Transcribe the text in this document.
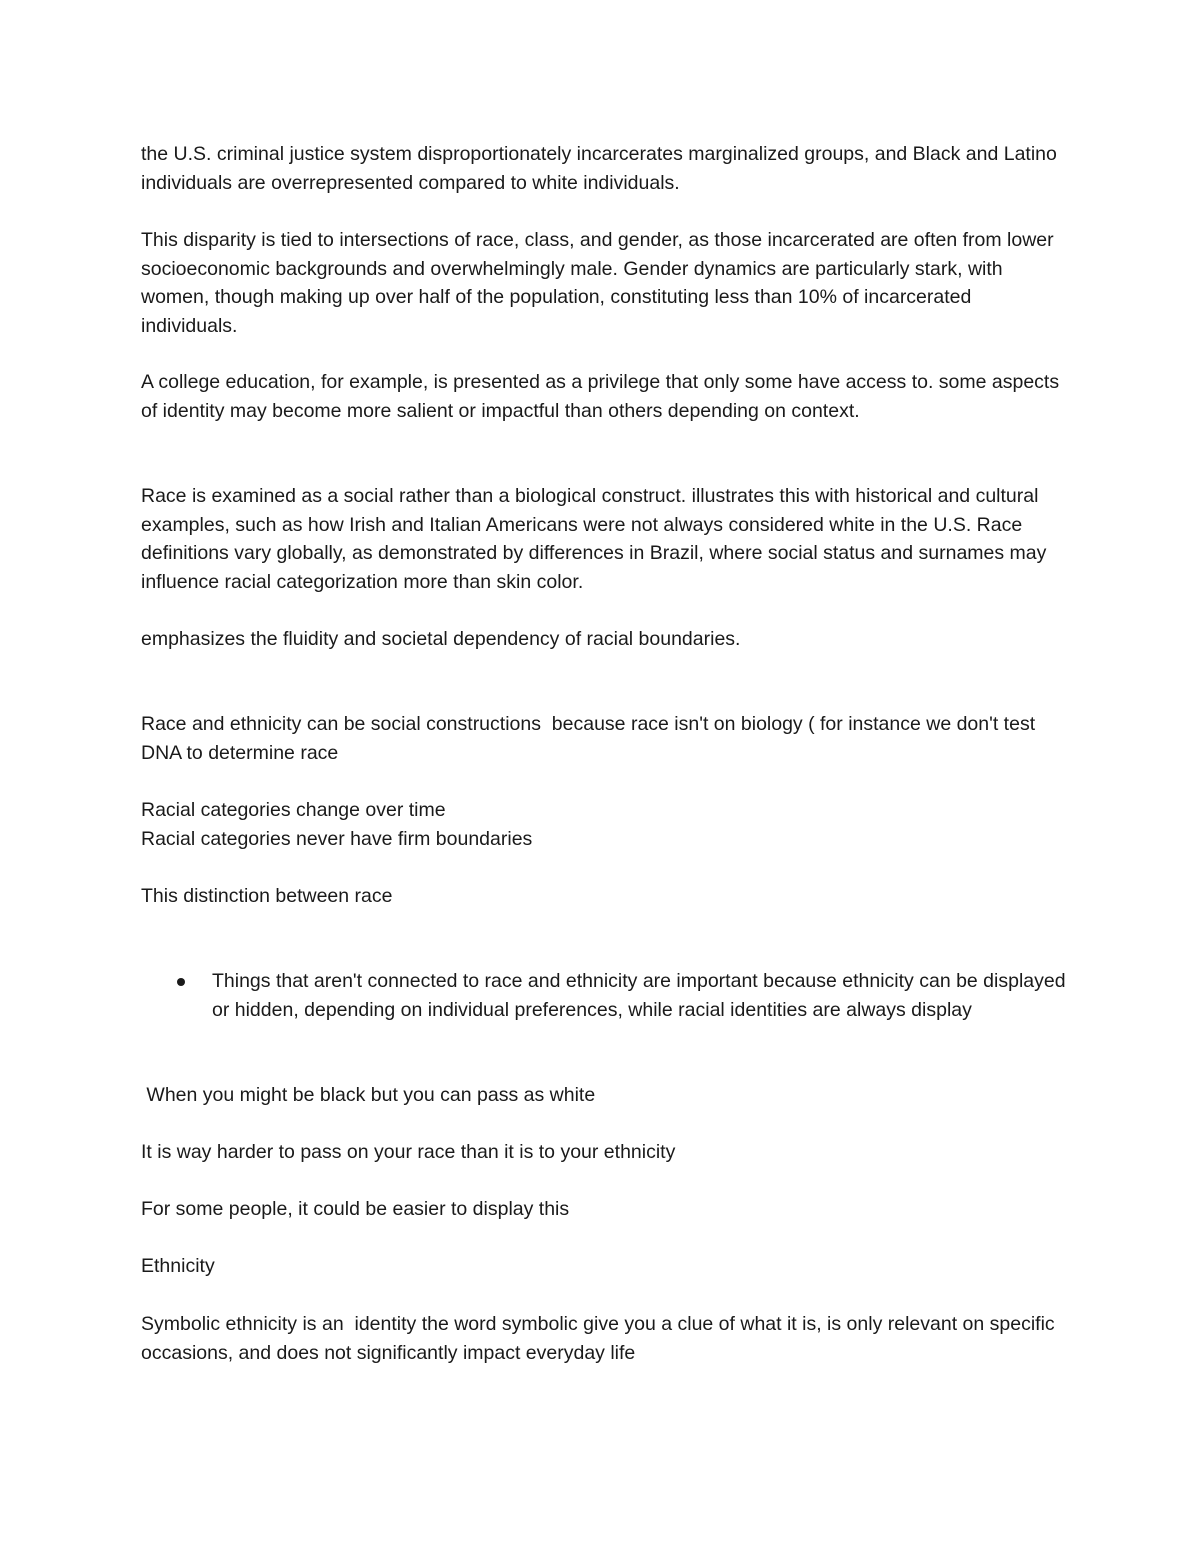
the U.S. criminal justice system disproportionately incarcerates marginalized groups, and Black and Latino individuals are overrepresented compared to white individuals.

This disparity is tied to intersections of race, class, and gender, as those incarcerated are often from lower socioeconomic backgrounds and overwhelmingly male. Gender dynamics are particularly stark, with women, though making up over half of the population, constituting less than 10% of incarcerated individuals.

A college education, for example, is presented as a privilege that only some have access to. some aspects of identity may become more salient or impactful than others depending on context.

Race is examined as a social rather than a biological construct. illustrates this with historical and cultural examples, such as how Irish and Italian Americans were not always considered white in the U.S. Race definitions vary globally, as demonstrated by differences in Brazil, where social status and surnames may influence racial categorization more than skin color.

emphasizes the fluidity and societal dependency of racial boundaries.

Race and ethnicity can be social constructions  because race isn't on biology ( for instance we don't test DNA to determine race

Racial categories change over time
Racial categories never have firm boundaries

This distinction between race

Things that aren't connected to race and ethnicity are important because ethnicity can be displayed or hidden, depending on individual preferences, while racial identities are always display

When you might be black but you can pass as white

It is way harder to pass on your race than it is to your ethnicity

For some people, it could be easier to display this

Ethnicity

Symbolic ethnicity is an  identity the word symbolic give you a clue of what it is, is only relevant on specific occasions, and does not significantly impact everyday life
